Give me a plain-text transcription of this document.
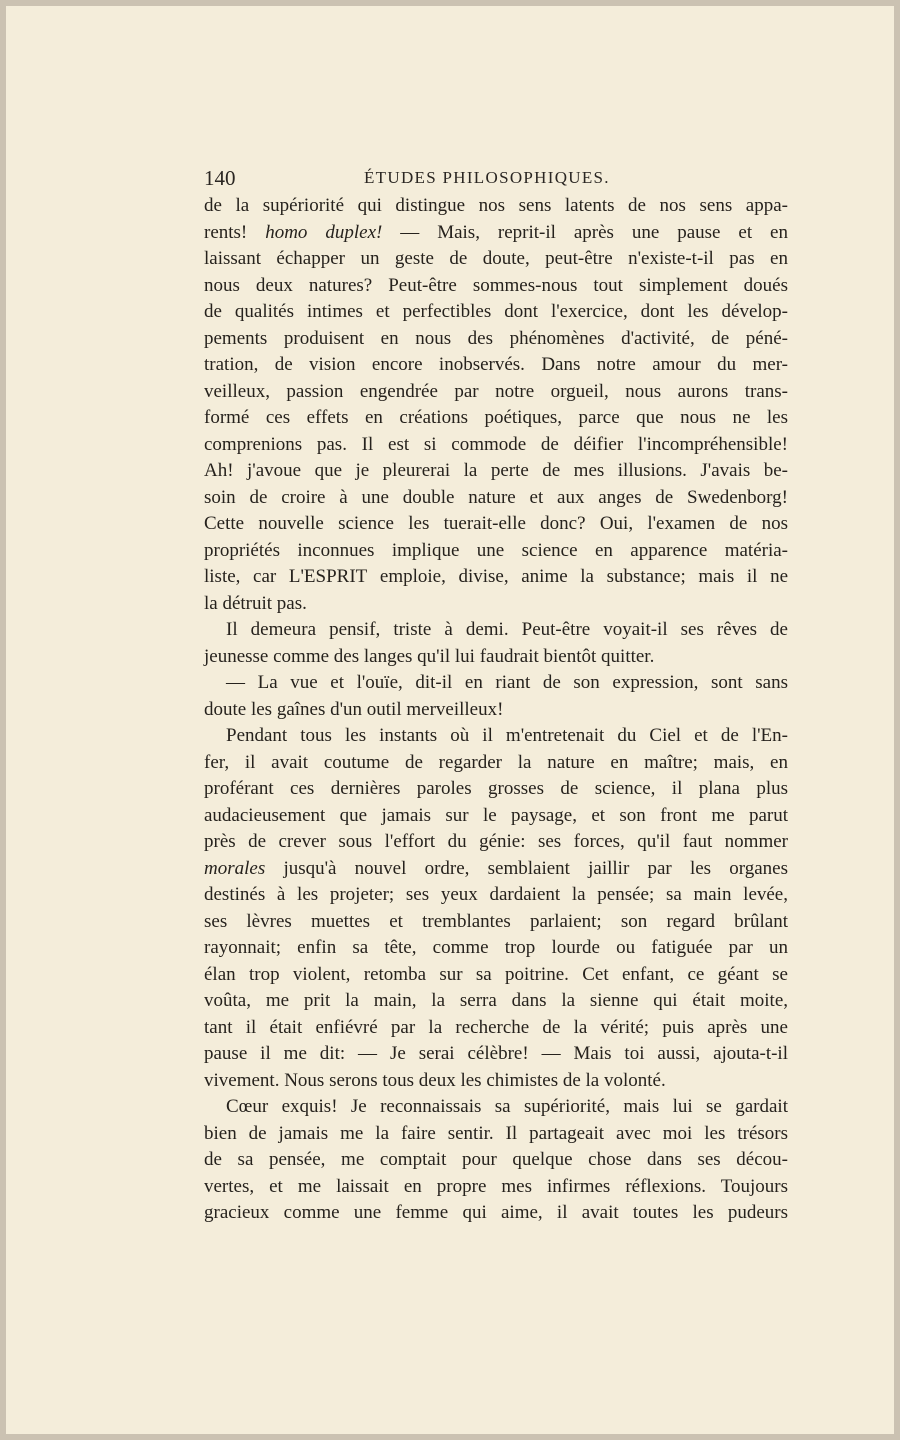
140	ÉTUDES PHILOSOPHIQUES.
de la supériorité qui distingue nos sens latents de nos sens appa-
rents! homo duplex! — Mais, reprit-il après une pause et en
laissant échapper un geste de doute, peut-être n'existe-t-il pas en
nous deux natures? Peut-être sommes-nous tout simplement doués
de qualités intimes et perfectibles dont l'exercice, dont les dévelop-
pements produisent en nous des phénomènes d'activité, de péné-
tration, de vision encore inobservés. Dans notre amour du mer-
veilleux, passion engendrée par notre orgueil, nous aurons trans-
formé ces effets en créations poétiques, parce que nous ne les
comprenions pas. Il est si commode de déifier l'incompréhensible!
Ah! j'avoue que je pleurerai la perte de mes illusions. J'avais be-
soin de croire à une double nature et aux anges de Swedenborg!
Cette nouvelle science les tuerait-elle donc? Oui, l'examen de nos
propriétés inconnues implique une science en apparence matéria-
liste, car L'ESPRIT emploie, divise, anime la substance; mais il ne
la détruit pas.
Il demeura pensif, triste à demi. Peut-être voyait-il ses rêves de
jeunesse comme des langes qu'il lui faudrait bientôt quitter.
— La vue et l'ouïe, dit-il en riant de son expression, sont sans
doute les gaînes d'un outil merveilleux!
Pendant tous les instants où il m'entretenait du Ciel et de l'En-
fer, il avait coutume de regarder la nature en maître; mais, en
proférant ces dernières paroles grosses de science, il plana plus
audacieusement que jamais sur le paysage, et son front me parut
près de crever sous l'effort du génie: ses forces, qu'il faut nommer
morales jusqu'à nouvel ordre, semblaient jaillir par les organes
destinés à les projeter; ses yeux dardaient la pensée; sa main levée,
ses lèvres muettes et tremblantes parlaient; son regard brûlant
rayonnait; enfin sa tête, comme trop lourde ou fatiguée par un
élan trop violent, retomba sur sa poitrine. Cet enfant, ce géant se
voûta, me prit la main, la serra dans la sienne qui était moite,
tant il était enfiévré par la recherche de la vérité; puis après une
pause il me dit: — Je serai célèbre! — Mais toi aussi, ajouta-t-il
vivement. Nous serons tous deux les chimistes de la volonté.
Cœur exquis! Je reconnaissais sa supériorité, mais lui se gardait
bien de jamais me la faire sentir. Il partageait avec moi les trésors
de sa pensée, me comptait pour quelque chose dans ses décou-
vertes, et me laissait en propre mes infirmes réflexions. Toujours
gracieux comme une femme qui aime, il avait toutes les pudeurs
